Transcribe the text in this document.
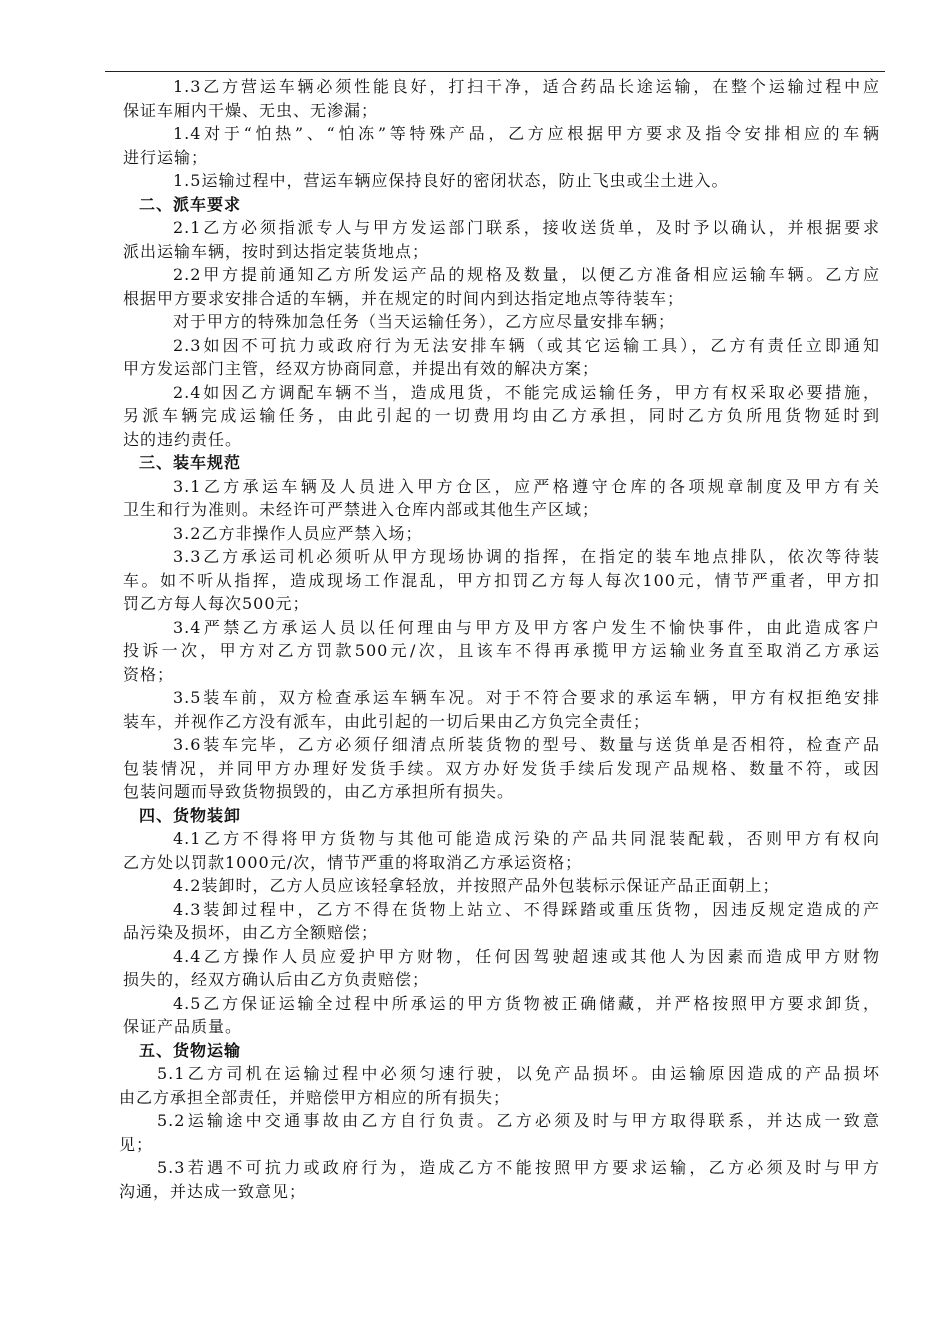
1.3乙方营运车辆必须性能良好，打扫干净，适合药品长途运输，在整个运输过程中应
保证车厢内干燥、无虫、无渗漏；
1.4对于“怕热”、“怕冻”等特殊产品，乙方应根据甲方要求及指令安排相应的车辆
进行运输；
1.5运输过程中，营运车辆应保持良好的密闭状态，防止飞虫或尘土进入。
二、派车要求
2.1乙方必须指派专人与甲方发运部门联系，接收送货单，及时予以确认，并根据要求
派出运输车辆，按时到达指定装货地点；
2.2甲方提前通知乙方所发运产品的规格及数量，以便乙方准备相应运输车辆。乙方应
根据甲方要求安排合适的车辆，并在规定的时间内到达指定地点等待装车；
对于甲方的特殊加急任务（当天运输任务），乙方应尽量安排车辆；
2.3如因不可抗力或政府行为无法安排车辆（或其它运输工具），乙方有责任立即通知
甲方发运部门主管，经双方协商同意，并提出有效的解决方案；
2.4如因乙方调配车辆不当，造成甩货，不能完成运输任务，甲方有权采取必要措施，
另派车辆完成运输任务，由此引起的一切费用均由乙方承担，同时乙方负所甩货物延时到
达的违约责任。
三、装车规范
3.1乙方承运车辆及人员进入甲方仓区，应严格遵守仓库的各项规章制度及甲方有关
卫生和行为准则。未经许可严禁进入仓库内部或其他生产区域；
3.2乙方非操作人员应严禁入场；
3.3乙方承运司机必须听从甲方现场协调的指挥，在指定的装车地点排队，依次等待装
车。如不听从指挥，造成现场工作混乱，甲方扣罚乙方每人每次100元，情节严重者，甲方扣
罚乙方每人每次500元；
3.4严禁乙方承运人员以任何理由与甲方及甲方客户发生不愉快事件，由此造成客户
投诉一次，甲方对乙方罚款500元/次，且该车不得再承揽甲方运输业务直至取消乙方承运
资格；
3.5装车前，双方检查承运车辆车况。对于不符合要求的承运车辆，甲方有权拒绝安排
装车，并视作乙方没有派车，由此引起的一切后果由乙方负完全责任；
3.6装车完毕，乙方必须仔细清点所装货物的型号、数量与送货单是否相符，检查产品
包装情况，并同甲方办理好发货手续。双方办好发货手续后发现产品规格、数量不符，或因
包装问题而导致货物损毁的，由乙方承担所有损失。
四、货物装卸
4.1乙方不得将甲方货物与其他可能造成污染的产品共同混装配载，否则甲方有权向
乙方处以罚款1000元/次，情节严重的将取消乙方承运资格；
4.2装卸时，乙方人员应该轻拿轻放，并按照产品外包装标示保证产品正面朝上；
4.3装卸过程中，乙方不得在货物上站立、不得踩踏或重压货物，因违反规定造成的产
品污染及损坏，由乙方全额赔偿；
4.4乙方操作人员应爱护甲方财物，任何因驾驶超速或其他人为因素而造成甲方财物
损失的，经双方确认后由乙方负责赔偿；
4.5乙方保证运输全过程中所承运的甲方货物被正确储藏，并严格按照甲方要求卸货，
保证产品质量。
五、货物运输
5.1乙方司机在运输过程中必须匀速行驶，以免产品损坏。由运输原因造成的产品损坏
由乙方承担全部责任，并赔偿甲方相应的所有损失；
5.2运输途中交通事故由乙方自行负责。乙方必须及时与甲方取得联系，并达成一致意
见；
5.3若遇不可抗力或政府行为，造成乙方不能按照甲方要求运输，乙方必须及时与甲方
沟通，并达成一致意见；
